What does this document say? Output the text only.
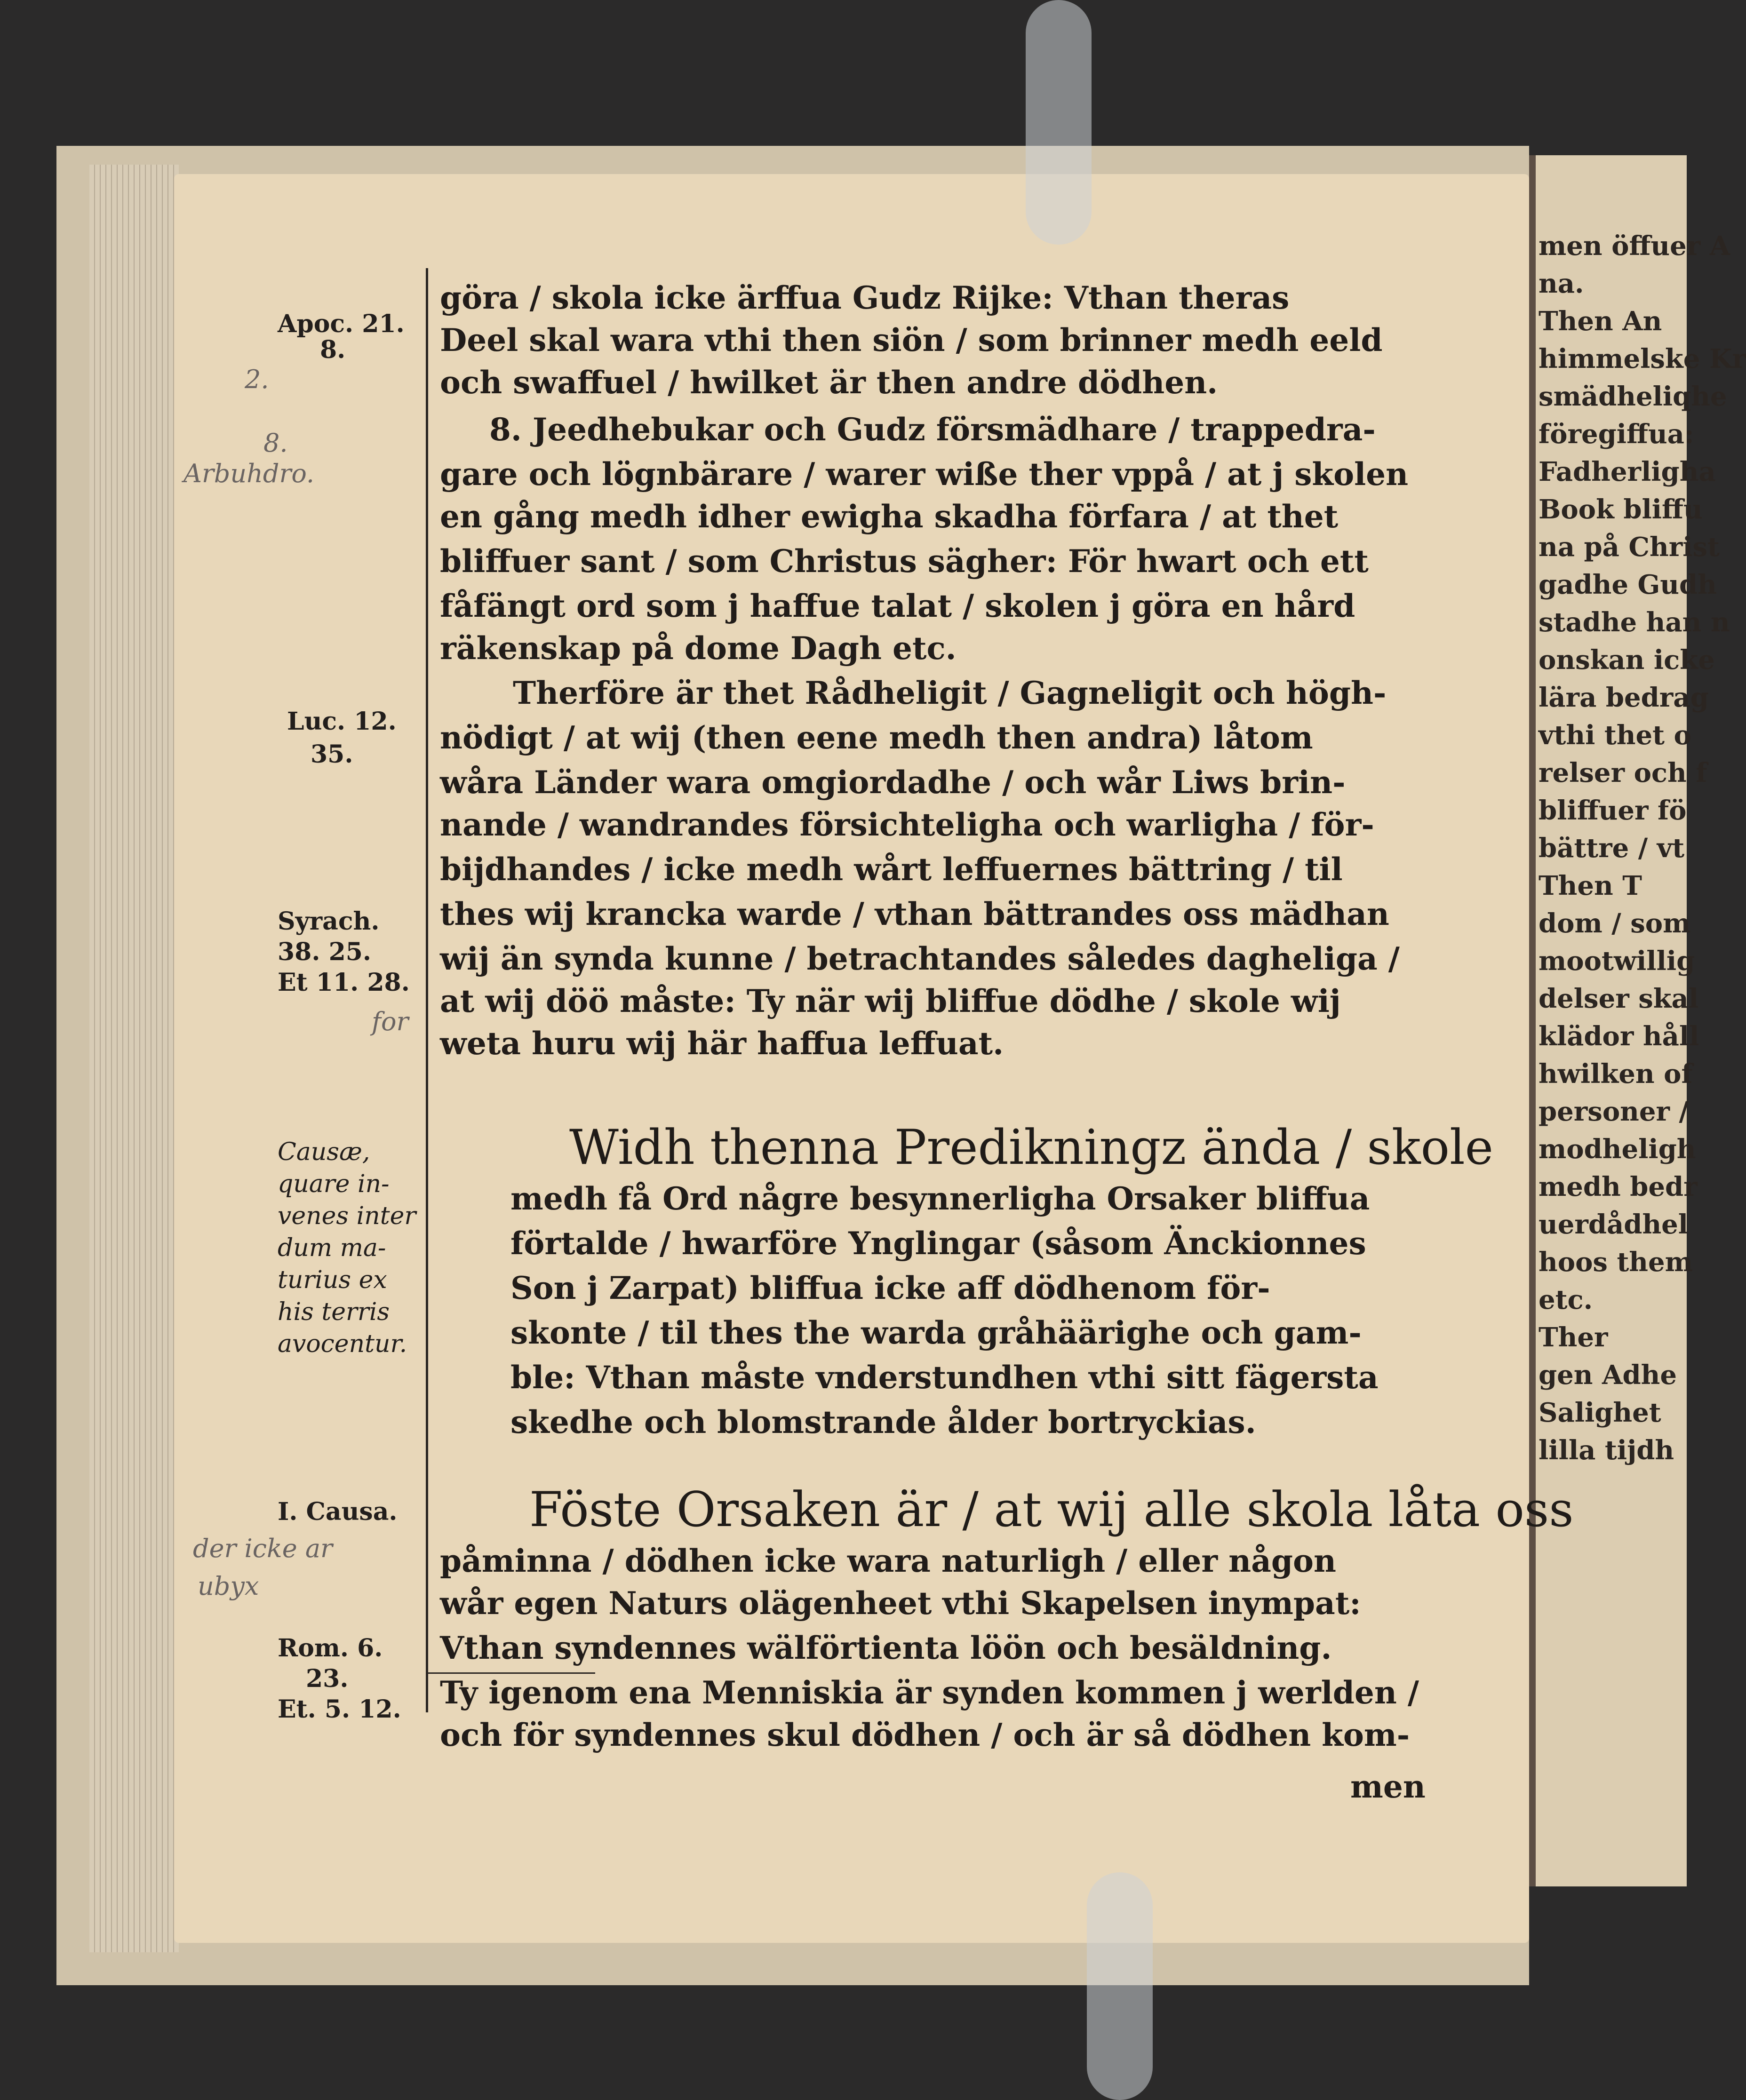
Apoc. 21.
8.
Luc. 12.
35.
Syrach.
38. 25.
Et 11. 28.
Causæ,
quare in-
venes inter
dum ma-
turius ex
his terris
avocentur.
I. Causa.
Rom. 6.
23.
Et. 5. 12.
2.
8.
Arbuhdro.
for
der icke ar
ubyx
göra / skola icke ärffua Gudz Rijke: Vthan theras
Deel skal wara vthi then siön / som brinner medh eeld
och swaffuel / hwilket är then andre dödhen.
8. Jeedhebukar och Gudz försmädhare / trappedra-
gare och lögnbärare / warer wiße ther vppå / at j skolen
en gång medh idher ewigha skadha förfara / at thet
bliffuer sant / som Christus sägher: För hwart och ett
fåfängt ord som j haffue talat / skolen j göra en hård
räkenskap på dome Dagh etc.
Therföre är thet Rådheligit / Gagneligit och högh-
nödigt / at wij (then eene medh then andra) låtom
wåra Länder wara omgiordadhe / och wår Liws brin-
nande / wandrandes försichteligha och warligha / för-
bijdhandes / icke medh wårt leffuernes bättring / til
thes wij krancka warde / vthan bättrandes oss mädhan
wij än synda kunne / betrachtandes således dagheliga /
at wij döö måste: Ty när wij bliffue dödhe / skole wij
weta huru wij här haffua leffuat.
Widh thenna Predikningz ända / skole
medh få Ord någre besynnerligha Orsaker bliffua
förtalde / hwarföre Ynglingar (såsom Änckionnes
Son j Zarpat) bliffua icke aff dödhenom för-
skonte / til thes the warda gråhäärighe och gam-
ble: Vthan måste vnderstundhen vthi sitt fägersta
skedhe och blomstrande ålder bortryckias.
Föste Orsaken är / at wij alle skola låta oss
påminna / dödhen icke wara naturligh / eller någon
wår egen Naturs olägenheet vthi Skapelsen inympat:
Vthan syndennes wälförtienta löön och besäldning.
Ty igenom ena Menniskia är synden kommen j werlden /
och för syndennes skul dödhen / och är så dödhen kom-
men
men öffuer A
na.
Then An
himmelske Kr
smädheliqhe
föregiffua:
Fadherligha
Book bliffu
na på Christ
gadhe Gudh
stadhe han n
onskan icke
lära bedrag
vthi thet o
relser och f
bliffuer fö
bättre / vt
Then T
dom / som
mootwillig
delser skal
klädor håll
hwilken of
personer /
modheligh
medh bedr
uerdådhel
hoos them
etc.
Ther
gen Adhe
Salighet
lilla tijdh
